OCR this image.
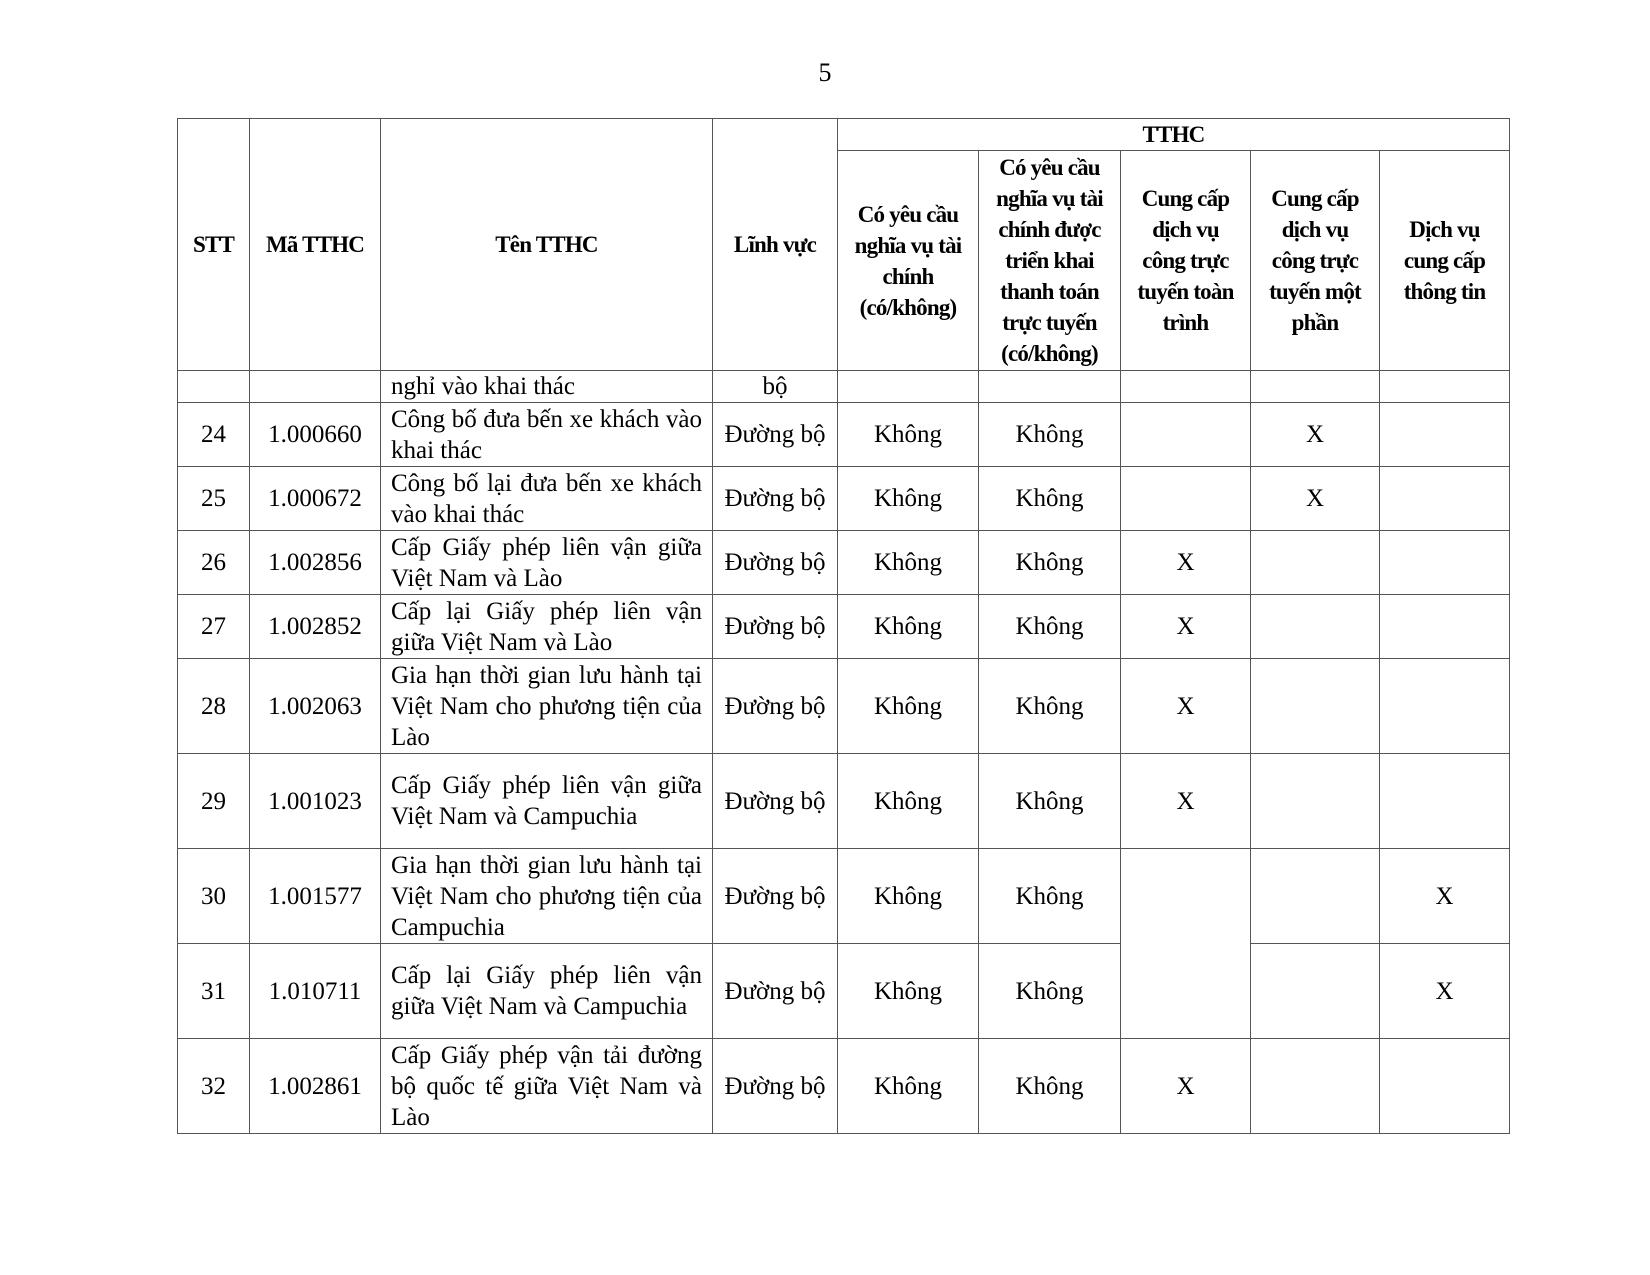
5
STT	Mã TTHC	Tên TTHC	Lĩnh vực	TTHC				
				Có yêu cầu nghĩa vụ tài chính (có/không)	Có yêu cầu nghĩa vụ tài chính được triển khai thanh toán trực tuyến (có/không)	Cung cấp dịch vụ công trực tuyến toàn trình	Cung cấp dịch vụ công trực tuyến một phần	Dịch vụ cung cấp thông tin
		nghỉ vào khai thác	bộ					
24	1.000660	Công bố đưa bến xe khách vào khai thác	Đường bộ	Không	Không		X	
25	1.000672	Công bố lại đưa bến xe khách vào khai thác	Đường bộ	Không	Không		X	
26	1.002856	Cấp Giấy phép liên vận giữa Việt Nam và Lào	Đường bộ	Không	Không	X		
27	1.002852	Cấp lại Giấy phép liên vận giữa Việt Nam và Lào	Đường bộ	Không	Không	X		
28	1.002063	Gia hạn thời gian lưu hành tại Việt Nam cho phương tiện của Lào	Đường bộ	Không	Không	X		
29	1.001023	Cấp Giấy phép liên vận giữa Việt Nam và Campuchia	Đường bộ	Không	Không	X		
30	1.001577	Gia hạn thời gian lưu hành tại Việt Nam cho phương tiện của Campuchia	Đường bộ	Không	Không			X
31	1.010711	Cấp lại Giấy phép liên vận giữa Việt Nam và Campuchia	Đường bộ	Không	Không			X
32	1.002861	Cấp Giấy phép vận tải đường bộ quốc tế giữa Việt Nam và Lào	Đường bộ	Không	Không	X		
